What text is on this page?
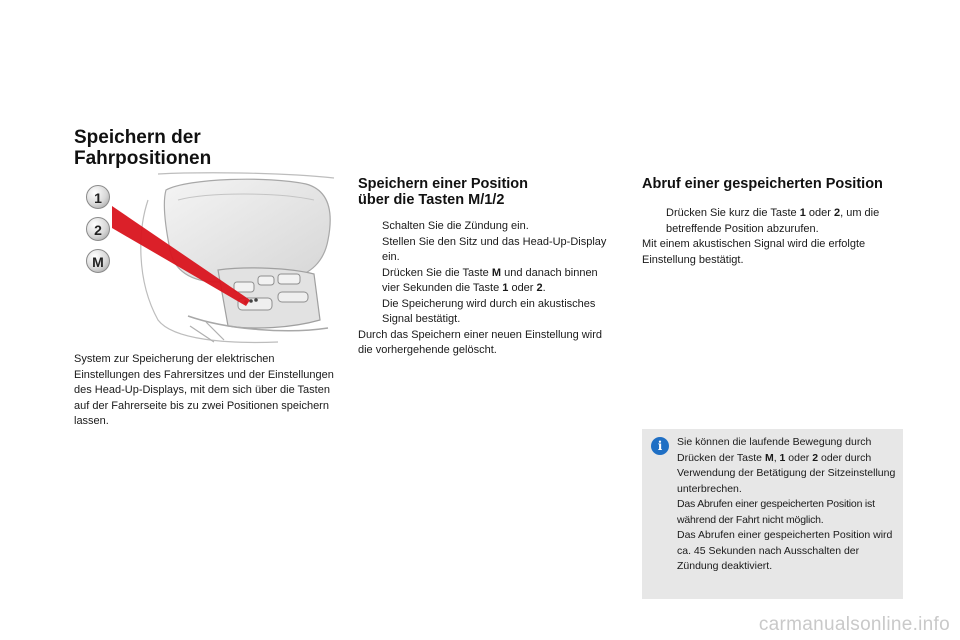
Speichern der
Fahrpositionen
1
2
M

System zur Speicherung der elektrischen Einstellungen des Fahrersitzes und der Einstellungen des Head-Up-Displays, mit dem sich über die Tasten auf der Fahrerseite bis zu zwei Positionen speichern lassen.

Speichern einer Position
über die Tasten M/1/2
Schalten Sie die Zündung ein.
Stellen Sie den Sitz und das Head-Up-Display ein.
Drücken Sie die Taste M und danach binnen vier Sekunden die Taste 1 oder 2.
Die Speicherung wird durch ein akustisches Signal bestätigt.
Durch das Speichern einer neuen Einstellung wird die vorhergehende gelöscht.
Abruf einer gespeicherten Position
Drücken Sie kurz die Taste 1 oder 2, um die betreffende Position abzurufen.
Mit einem akustischen Signal wird die erfolgte Einstellung bestätigt.
i	Sie können die laufende Bewegung durch Drücken der Taste M, 1 oder 2 oder durch Verwendung der Betätigung der Sitzeinstellung unterbrechen.

Das Abrufen einer gespeicherten Position ist während der Fahrt nicht möglich.

Das Abrufen einer gespeicherten Position wird ca. 45 Sekunden nach Ausschalten der Zündung deaktiviert.

carmanualsonline.info
